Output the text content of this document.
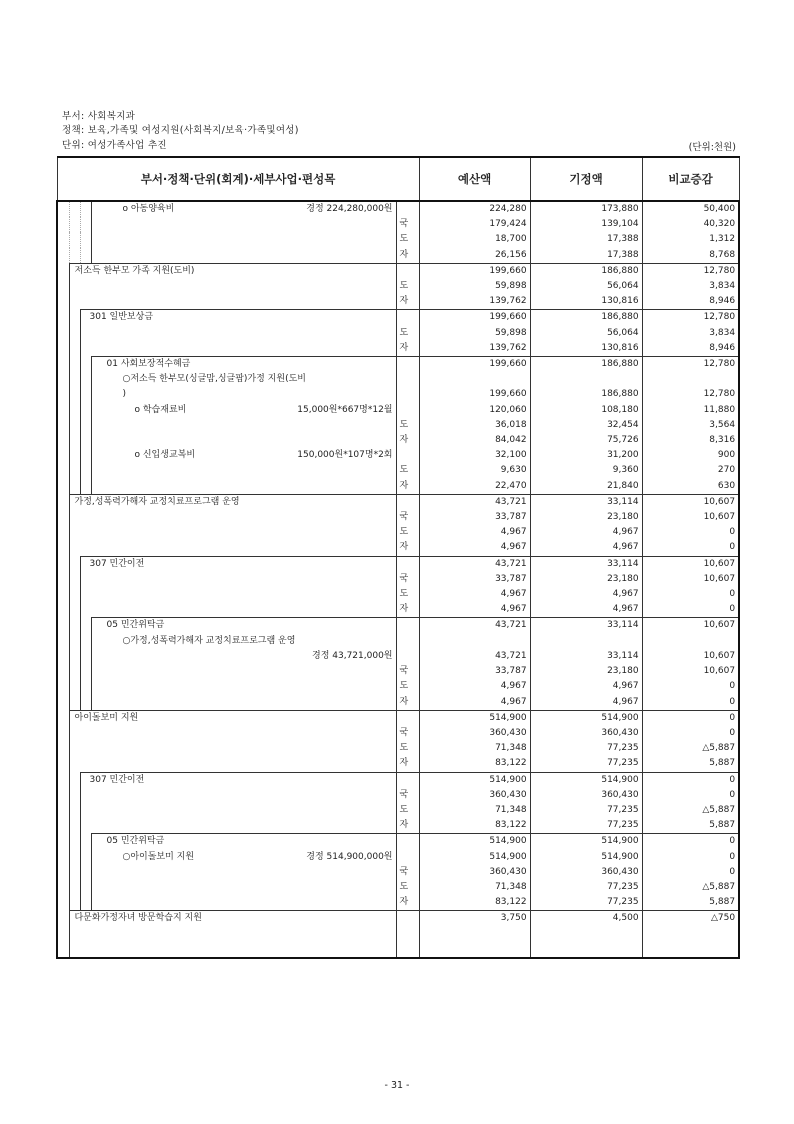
부서: 사회복지과
정책: 보육,가족및 여성지원(사회복지/보육·가족및여성)
단위: 여성가족사업 추진	(단위:천원)
부서·정책·단위(회계)·세부사업·편성목					예산액	기정액	비교증감
			o 아동양육비 경정 224,280,000원		224,280	173,880	50,400
				국	179,424	139,104	40,320
				도	18,700	17,388	1,312
				자	26,156	17,388	8,768
	저소득 한부모 가족 지원(도비)				199,660	186,880	12,780
				도	59,898	56,064	3,834
				자	139,762	130,816	8,946
		301 일반보상금			199,660	186,880	12,780
				도	59,898	56,064	3,834
				자	139,762	130,816	8,946
			01 사회보장적수혜금		199,660	186,880	12,780
			○저소득 한부모(싱글맘,싱글팝)가정 지원(도비				
			)		199,660	186,880	12,780
			o 학습재료비 15,000원*667명*12월		120,060	108,180	11,880
				도	36,018	32,454	3,564
				자	84,042	75,726	8,316
			o 신입생교복비 150,000원*107명*2회		32,100	31,200	900
				도	9,630	9,360	270
				자	22,470	21,840	630
	가정,성폭력가해자 교정치료프로그램 운영				43,721	33,114	10,607
				국	33,787	23,180	10,607
				도	4,967	4,967	0
				자	4,967	4,967	0
		307 민간이전			43,721	33,114	10,607
				국	33,787	23,180	10,607
				도	4,967	4,967	0
				자	4,967	4,967	0
			05 민간위탁금		43,721	33,114	10,607
			○가정,성폭력가해자 교정치료프로그램 운영				

			경정 43,721,000원		43,721	33,114	10,607
				국	33,787	23,180	10,607
				도	4,967	4,967	0
				자	4,967	4,967	0
	아이돌보미 지원				514,900	514,900	0
				국	360,430	360,430	0
				도	71,348	77,235	△5,887
				자	83,122	77,235	5,887
		307 민간이전			514,900	514,900	0
				국	360,430	360,430	0
				도	71,348	77,235	△5,887
				자	83,122	77,235	5,887
			05 민간위탁금		514,900	514,900	0
			○아이돌보미 지원 경정 514,900,000원		514,900	514,900	0
				국	360,430	360,430	0
				도	71,348	77,235	△5,887
				자	83,122	77,235	5,887
	다문화가정자녀 방문학습지 지원				3,750	4,500	△750

- 31 -
